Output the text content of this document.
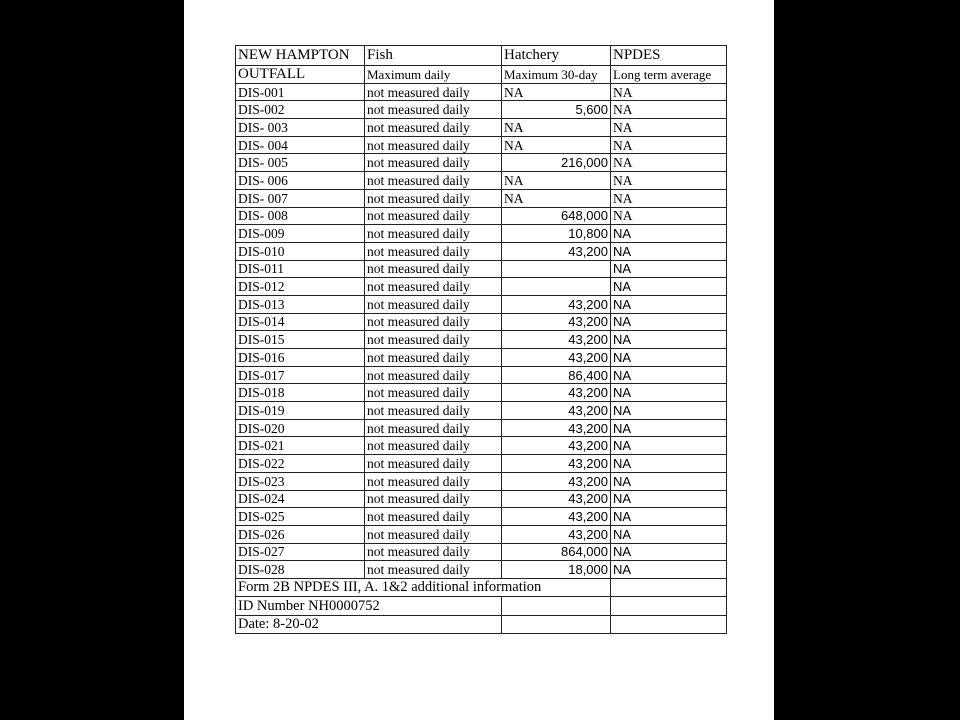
NEW HAMPTON	Fish	Hatchery	NPDES
OUTFALL	Maximum daily	Maximum 30-day	Long term average
DIS-001	not measured daily	NA	NA
DIS-002	not measured daily	5,600	NA
DIS- 003	not measured daily	NA	NA
DIS- 004	not measured daily	NA	NA
DIS- 005	not measured daily	216,000	NA
DIS- 006	not measured daily	NA	NA
DIS- 007	not measured daily	NA	NA
DIS- 008	not measured daily	648,000	NA
DIS-009	not measured daily	10,800	NA
DIS-010	not measured daily	43,200	NA
DIS-011	not measured daily		NA
DIS-012	not measured daily		NA
DIS-013	not measured daily	43,200	NA
DIS-014	not measured daily	43,200	NA
DIS-015	not measured daily	43,200	NA
DIS-016	not measured daily	43,200	NA
DIS-017	not measured daily	86,400	NA
DIS-018	not measured daily	43,200	NA
DIS-019	not measured daily	43,200	NA
DIS-020	not measured daily	43,200	NA
DIS-021	not measured daily	43,200	NA
DIS-022	not measured daily	43,200	NA
DIS-023	not measured daily	43,200	NA
DIS-024	not measured daily	43,200	NA
DIS-025	not measured daily	43,200	NA
DIS-026	not measured daily	43,200	NA
DIS-027	not measured daily	864,000	NA
DIS-028	not measured daily	18,000	NA
Form 2B NPDES III, A. 1&2 additional information			
ID Number NH0000752			
Date: 8-20-02			
